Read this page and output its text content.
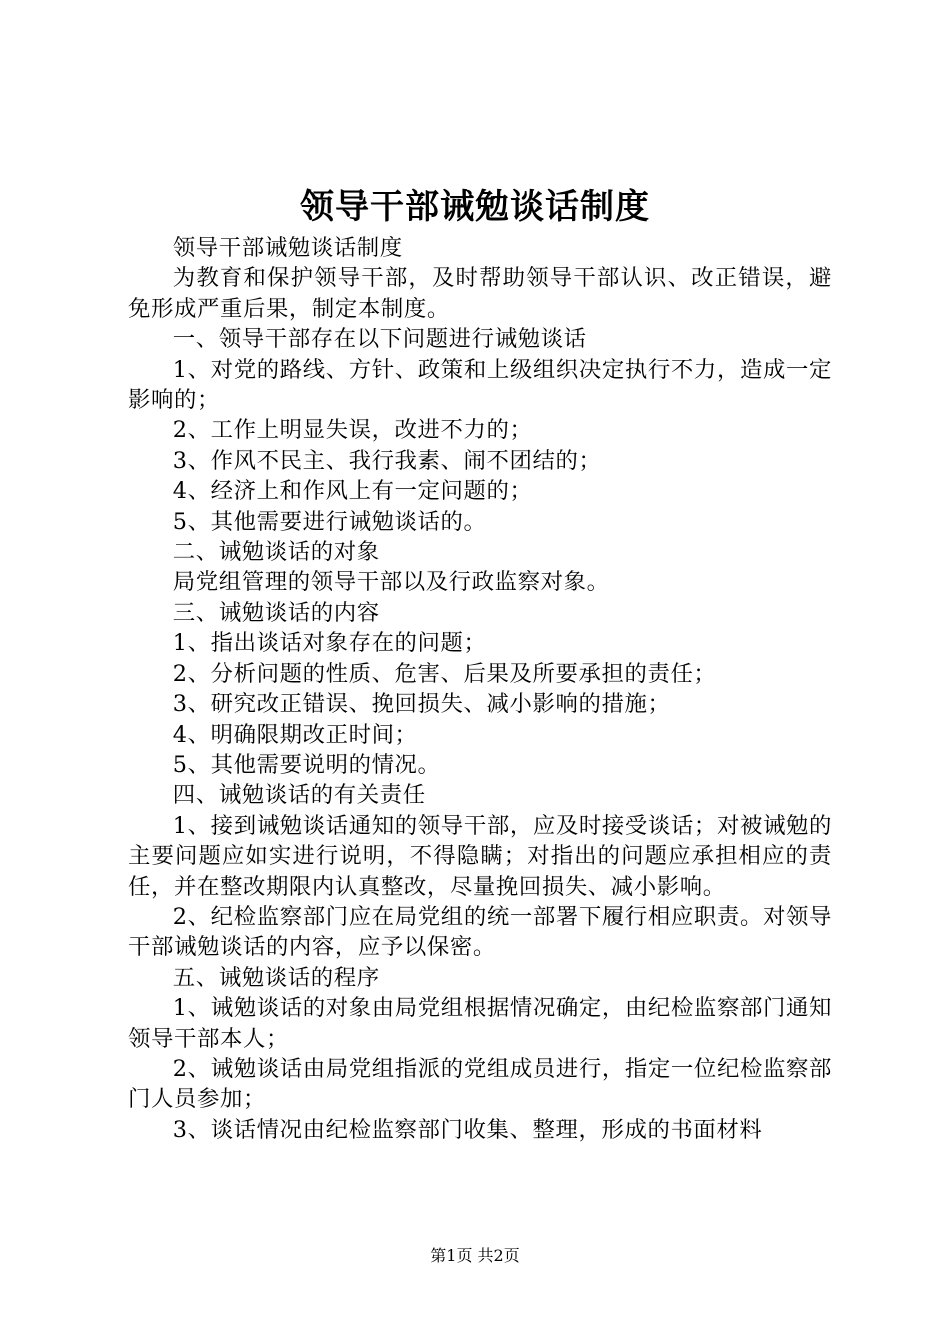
领导干部诫勉谈话制度

领导干部诫勉谈话制度

为教育和保护领导干部，及时帮助领导干部认识、改正错误，避免形成严重后果，制定本制度。

一、领导干部存在以下问题进行诫勉谈话

1、对党的路线、方针、政策和上级组织决定执行不力，造成一定影响的；

2、工作上明显失误，改进不力的；

3、作风不民主、我行我素、闹不团结的；

4、经济上和作风上有一定问题的；

5、其他需要进行诫勉谈话的。

二、诫勉谈话的对象

局党组管理的领导干部以及行政监察对象。

三、诫勉谈话的内容

1、指出谈话对象存在的问题；

2、分析问题的性质、危害、后果及所要承担的责任；

3、研究改正错误、挽回损失、减小影响的措施；

4、明确限期改正时间；

5、其他需要说明的情况。

四、诫勉谈话的有关责任

1、接到诫勉谈话通知的领导干部，应及时接受谈话；对被诫勉的主要问题应如实进行说明，不得隐瞒；对指出的问题应承担相应的责任，并在整改期限内认真整改，尽量挽回损失、减小影响。

2、纪检监察部门应在局党组的统一部署下履行相应职责。对领导干部诫勉谈话的内容，应予以保密。

五、诫勉谈话的程序

1、诫勉谈话的对象由局党组根据情况确定，由纪检监察部门通知领导干部本人；

2、诫勉谈话由局党组指派的党组成员进行，指定一位纪检监察部门人员参加；

3、谈话情况由纪检监察部门收集、整理，形成的书面材料

第1页 共2页
